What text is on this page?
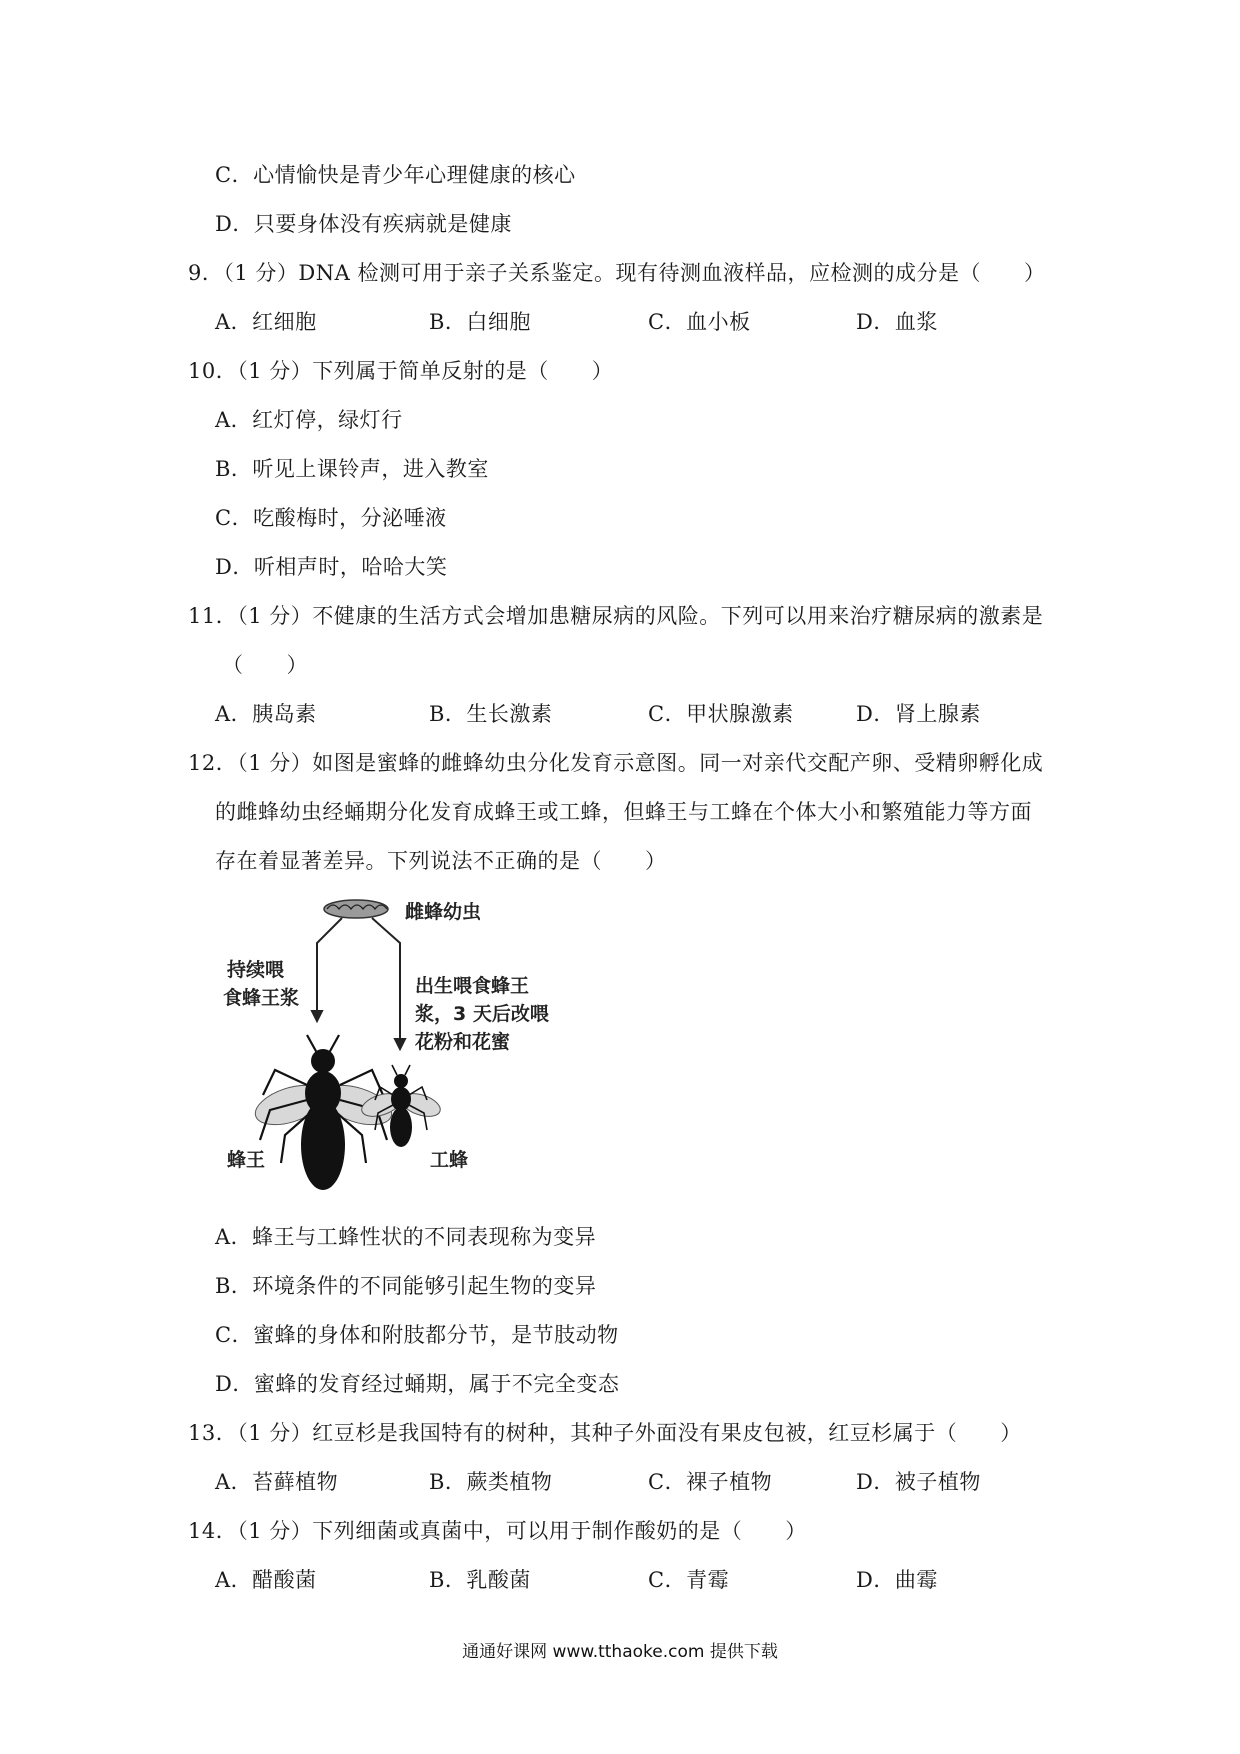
C．心情愉快是青少年心理健康的核心
D．只要身体没有疾病就是健康
9．（1 分）DNA 检测可用于亲子关系鉴定。现有待测血液样品，应检测的成分是（　　）
A．红细胞	B．白细胞	C．血小板	D．血浆
10．（1 分）下列属于简单反射的是（　　）
A．红灯停，绿灯行
B．听见上课铃声，进入教室
C．吃酸梅时，分泌唾液
D．听相声时，哈哈大笑
11．（1 分）不健康的生活方式会增加患糖尿病的风险。下列可以用来治疗糖尿病的激素是
（　　）
A．胰岛素	B．生长激素	C．甲状腺激素	D．肾上腺素
12．（1 分）如图是蜜蜂的雌蜂幼虫分化发育示意图。同一对亲代交配产卵、受精卵孵化成
的雌蜂幼虫经蛹期分化发育成蜂王或工蜂，但蜂王与工蜂在个体大小和繁殖能力等方面
存在着显著差异。下列说法不正确的是（　　）
雌蜂幼虫
持续喂
食蜂王浆
出生喂食蜂王
浆，3 天后改喂
花粉和花蜜
蜂王	工蜂
A．蜂王与工蜂性状的不同表现称为变异
B．环境条件的不同能够引起生物的变异
C．蜜蜂的身体和附肢都分节，是节肢动物
D．蜜蜂的发育经过蛹期，属于不完全变态
13．（1 分）红豆杉是我国特有的树种，其种子外面没有果皮包被，红豆杉属于（　　）
A．苔藓植物	B．蕨类植物	C．裸子植物	D．被子植物
14．（1 分）下列细菌或真菌中，可以用于制作酸奶的是（　　）
A．醋酸菌	B．乳酸菌	C．青霉	D．曲霉
通通好课网 www.tthaoke.com 提供下载
